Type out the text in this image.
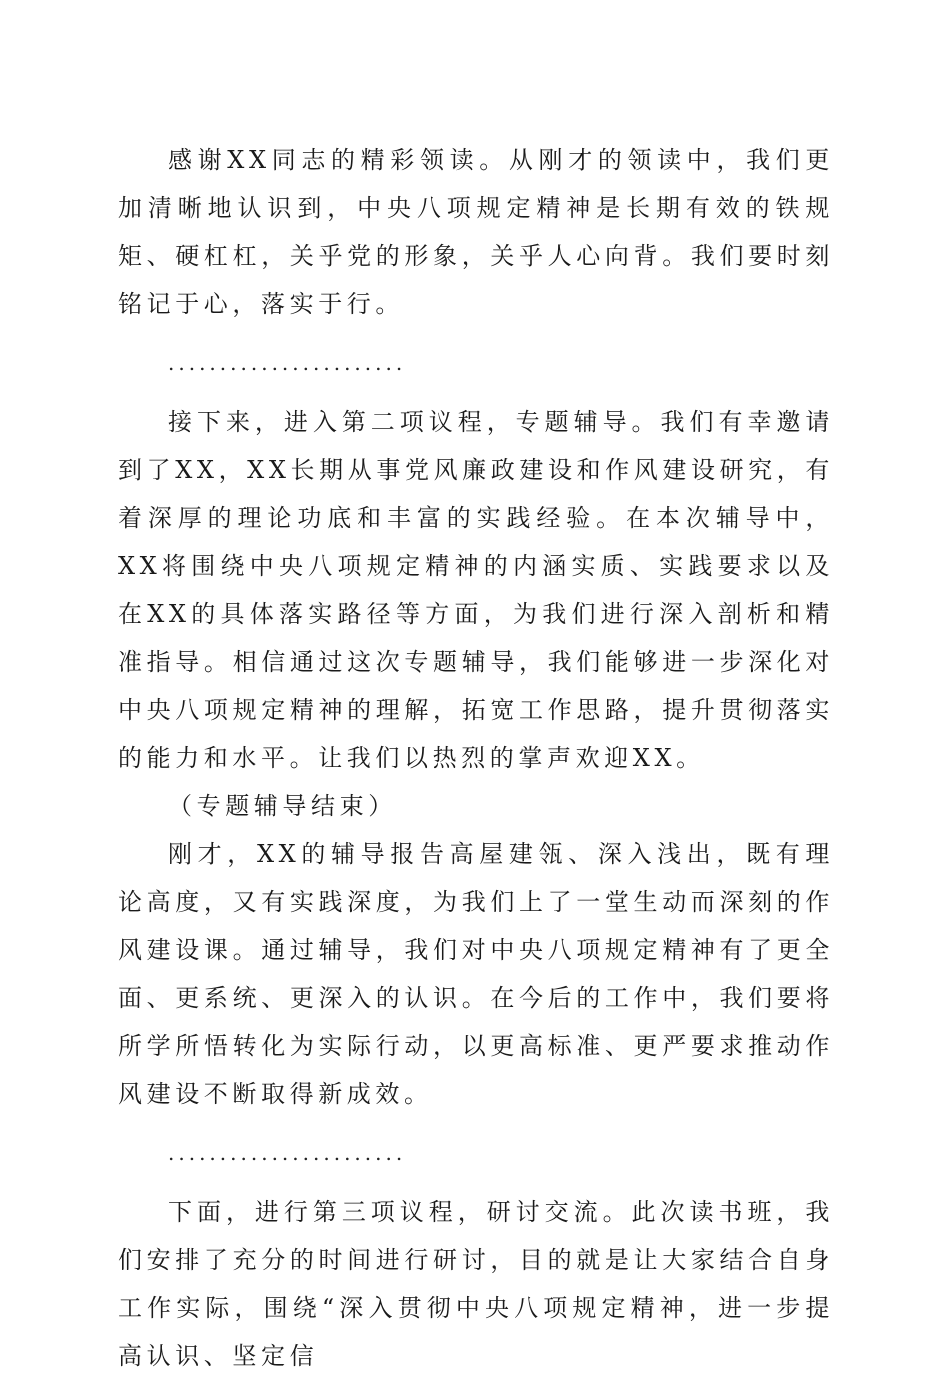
感谢XX同志的精彩领读。从刚才的领读中，我们更加清晰地认识到，中央八项规定精神是长期有效的铁规矩、硬杠杠，关乎党的形象，关乎人心向背。我们要时刻铭记于心，落实于行。

.......................

接下来，进入第二项议程，专题辅导。我们有幸邀请到了XX，XX长期从事党风廉政建设和作风建设研究，有着深厚的理论功底和丰富的实践经验。在本次辅导中，XX将围绕中央八项规定精神的内涵实质、实践要求以及在XX的具体落实路径等方面，为我们进行深入剖析和精准指导。相信通过这次专题辅导，我们能够进一步深化对中央八项规定精神的理解，拓宽工作思路，提升贯彻落实的能力和水平。让我们以热烈的掌声欢迎XX。

（专题辅导结束）

刚才，XX的辅导报告高屋建瓴、深入浅出，既有理论高度，又有实践深度，为我们上了一堂生动而深刻的作风建设课。通过辅导，我们对中央八项规定精神有了更全面、更系统、更深入的认识。在今后的工作中，我们要将所学所悟转化为实际行动，以更高标准、更严要求推动作风建设不断取得新成效。

.......................

下面，进行第三项议程，研讨交流。此次读书班，我们安排了充分的时间进行研讨，目的就是让大家结合自身工作实际，围绕“深入贯彻中央八项规定精神，进一步提高认识、坚定信
